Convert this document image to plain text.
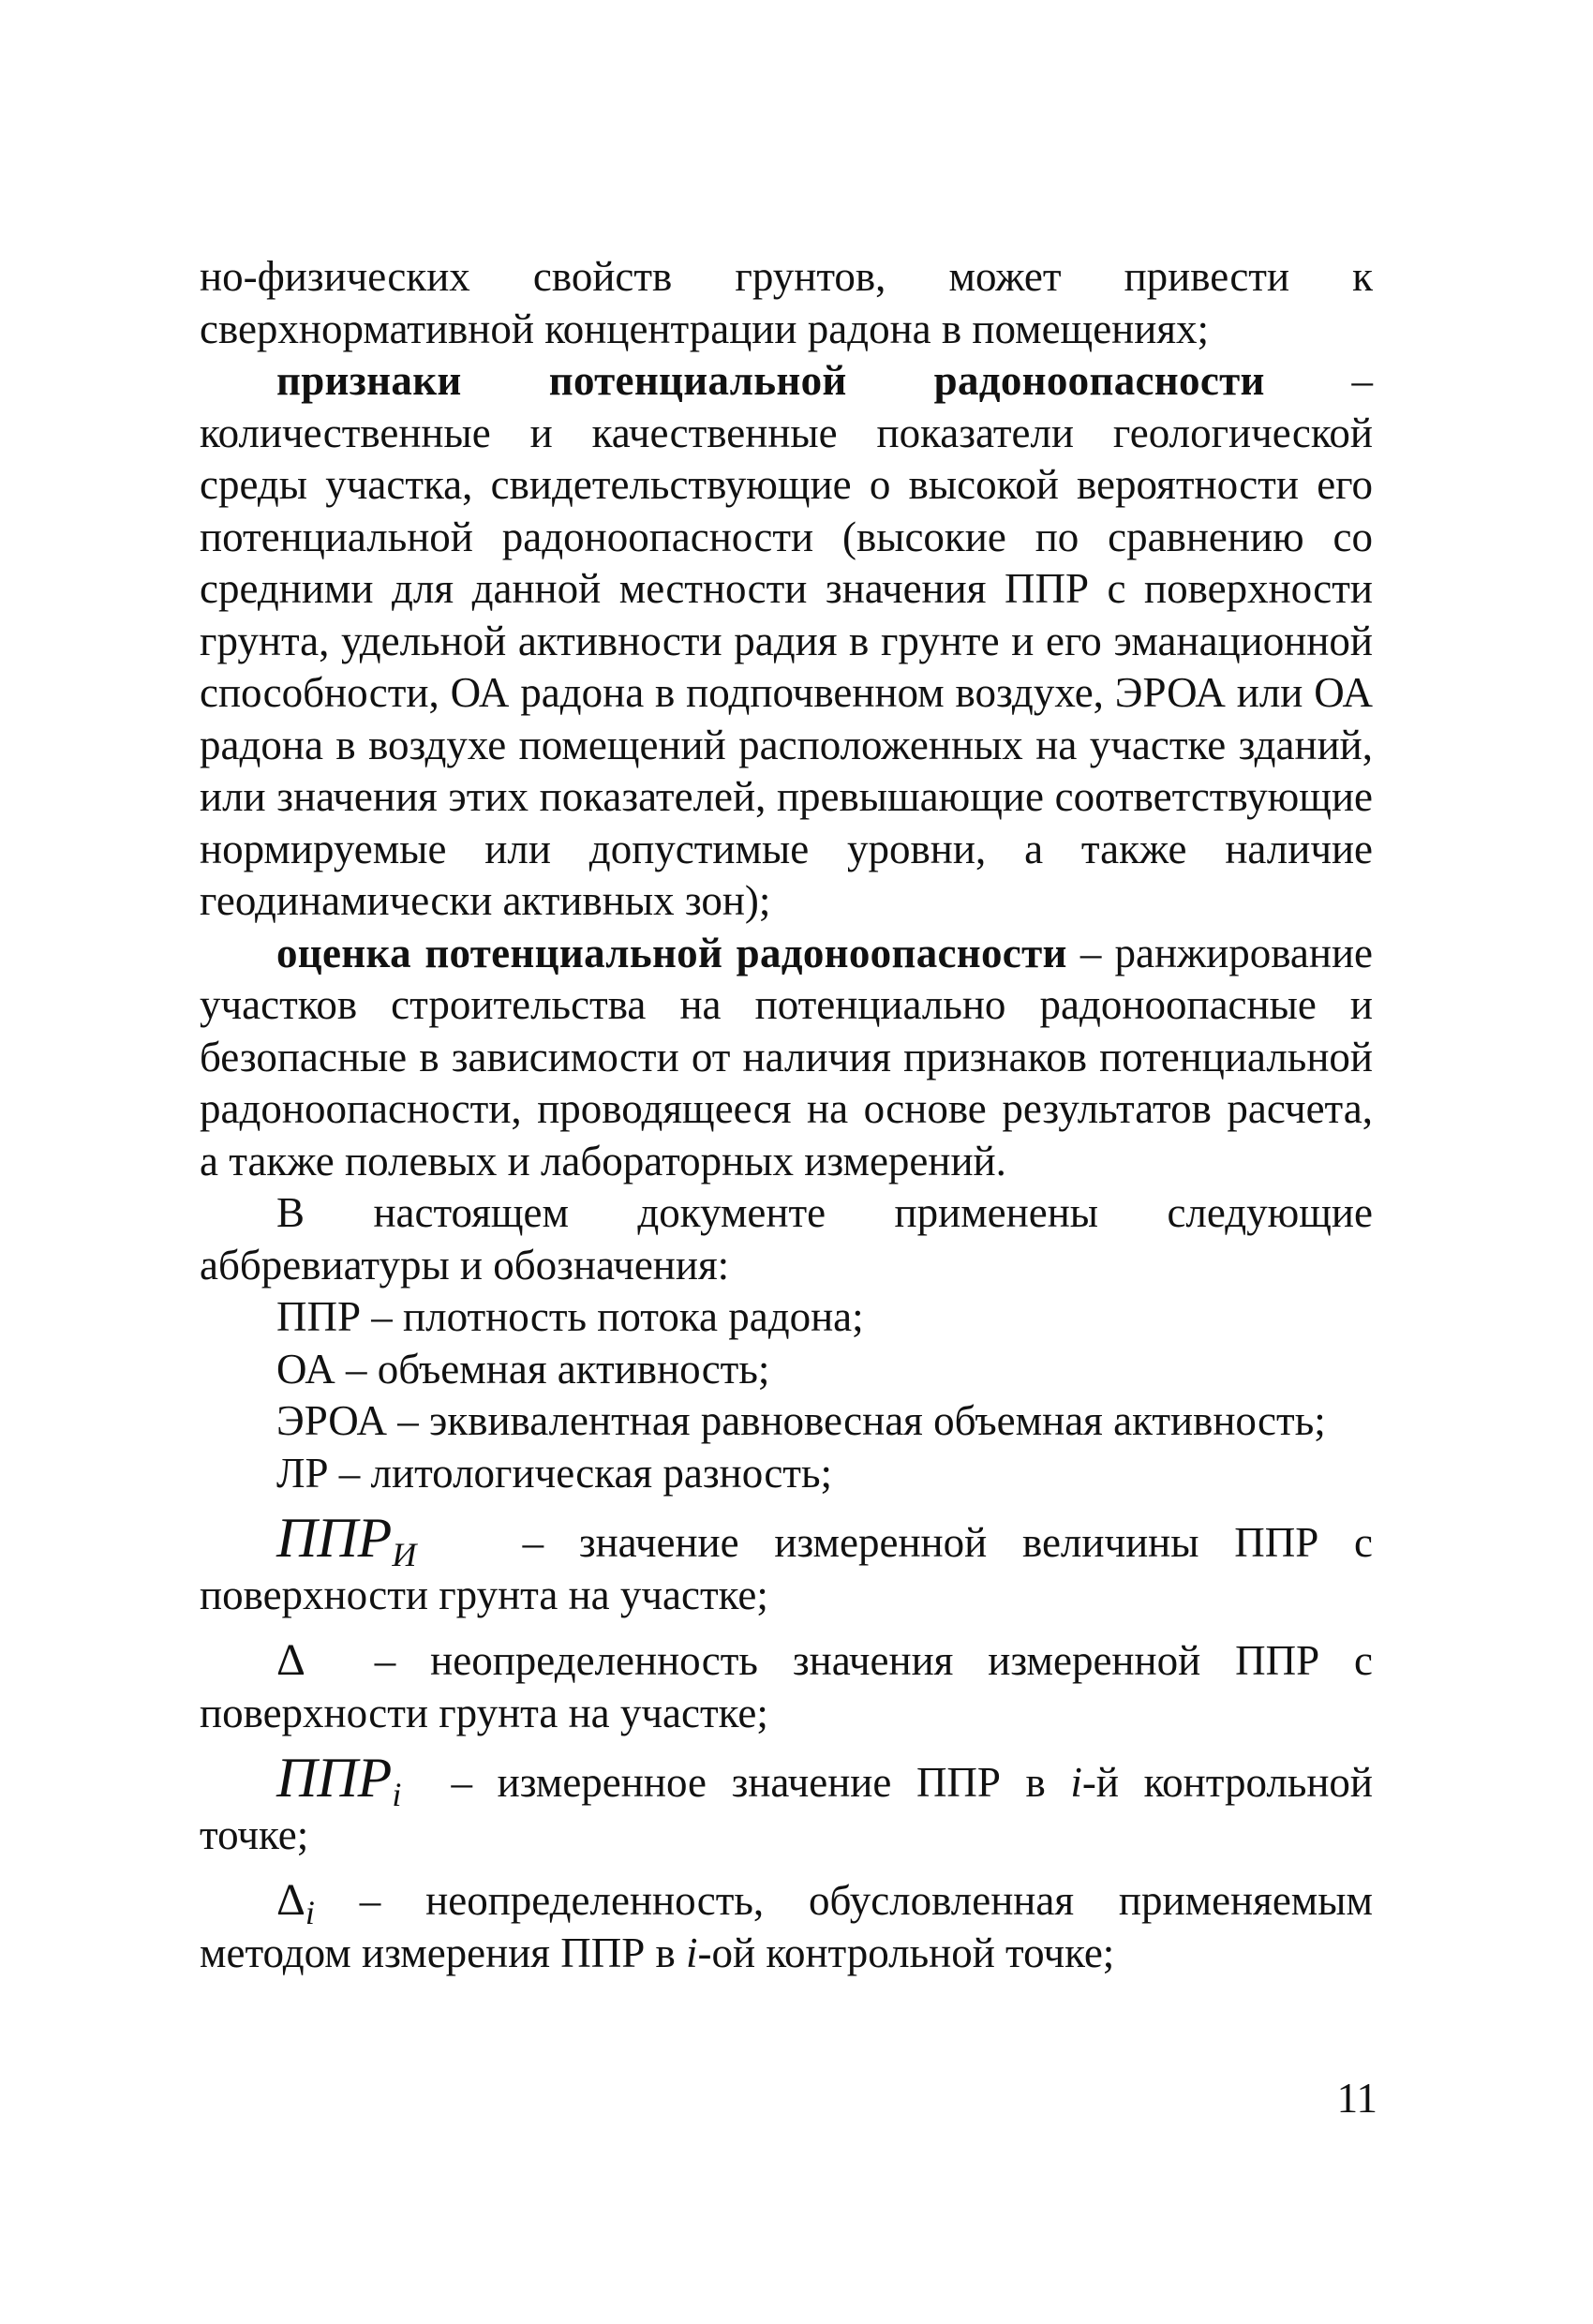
но-физических свойств грунтов, может привести к

сверхнормативной концентрации радона в помещениях;

признаки потенциальной радоноопасности – количественные и качественные показатели геологической среды участка, свидетельствующие о высокой вероятности его потенциальной радоноопасности (высокие по сравнению со средними для данной местности значения ППР с поверхности грунта, удельной активности радия в грунте и его эманационной способности, ОА радона в подпочвенном воздухе, ЭРОА или ОА радона в воздухе помещений расположенных на участке зданий, или значения этих показателей, превышающие соответствующие нормируемые или допустимые уровни, а также наличие геодинамически активных зон);

оценка потенциальной радоноопасности – ранжирование участков строительства на потенциально радоноопасные и безопасные в зависимости от наличия признаков потенциальной радоноопасности, проводящееся на основе результатов расчета, а также полевых и лабораторных измерений.

В настоящем документе применены следующие аббревиатуры и обозначения:

ППР – плотность потока радона;

ОА – объемная активность;

ЭРОА – эквивалентная равновесная объемная активность;

ЛР – литологическая разность;

$ППР_И$	– значение измеренной величины ППР с поверхности грунта на участке;

Δ – неопределенность значения измеренной ППР с поверхности грунта на участке;

$ППР_i$ – измеренное значение ППР в i-й контрольной точке;

$\Delta_i$ – неопределенность, обусловленная применяемым методом измерения ППР в i-ой контрольной точке;

11
